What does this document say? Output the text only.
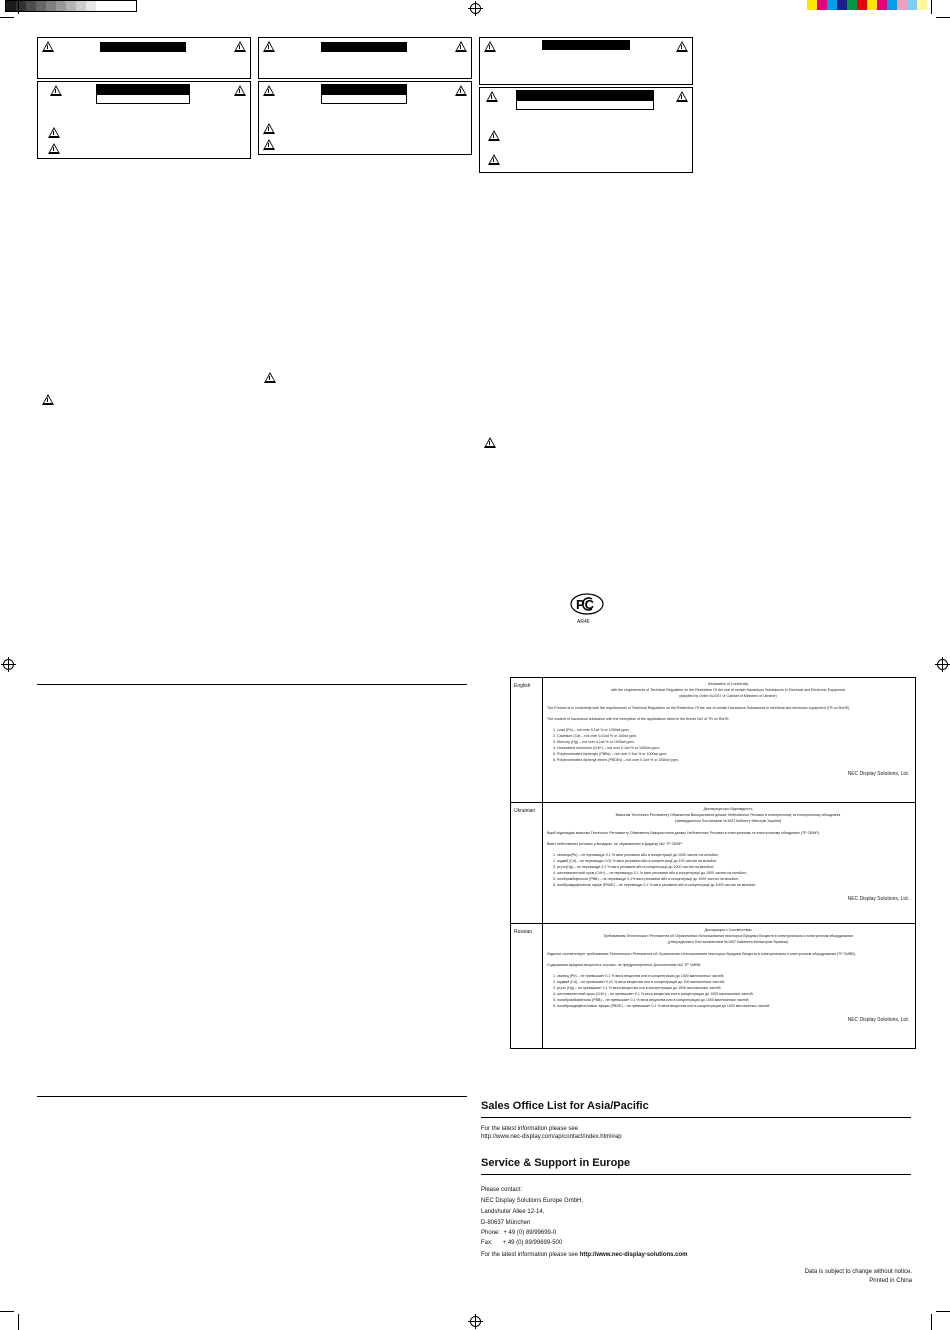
PC
AR46
English	Declaration of Conformity
with the requirements of Technical Regulation on the Restriction Of the use of certain Hazardous Substances in Electrical and Electronic Equipment
(adopted by Order №1057 of Cabinet of Ministers of Ukraine)

The Product is in conformity with the requirements of Technical Regulation on the Restriction Of the use of certain Hazardous Substances in electrical and electronic equipment (TR on RoHS).

The content of hazardous substance with the exemption of the applications listed in the Annex №2 of TR on RoHS:

1. Lead (Pb) – not over 0.1wt % or 1000wt ppm;
2. Cadmium (Cd) – not over 0.01wt % or 100wt ppm;
3. Mercury (Hg) – not over 0.1wt % or 1000wt ppm;
4. Hexavalent chromium (Cr6+) – not over 0.1wt % or 1000wt ppm;
5. Polybrominated biphenyls (PBBs) – not over 0.1wt % or 1000wt ppm;
6. Polybrominated diphenyl ethers (PBDEs) – not over 0.1wt % or 1000wt ppm.
NEC Display Solutions, Ltd.
Ukrainian	Декларація про Відповідність
Вимогам Технічного Регламенту Обмеження Використання деяких Небезпечних Речовин в електричному та електронному обладнанні
(затвердженого Постановою №1057 Кабінету Міністрів України)

Виріб відповідає вимогам Технічного Регламенту Обмеження Використання деяких Небезпечних Речовин в електричному та електронному обладнанні (ТР ОВНР).

Вміст небезпечних речовин у випадках, не обумовлених в Додатку №2 ТР ОВНР:

1. свинець(Pb) – не перевищує 0,1 % ваги речовини або в концентрації до 1000 частин на мільйон;
2. кадмій (Cd) – не перевищує 0,01 % ваги речовини або в концентрації до 100 частин на мільйон;
3. ртуть(Hg) – не перевищує 0,1 % ваги речовини або в концентрації до 1000 частин на мільйон;
4. шестивалентний хром (Cr6+) – не перевищує 0,1 % ваги речовини або в концентрації до 1000 частин на мільйон;
5. полібромбіфеноли (PBB) – не перевищує 0,1% ваги речовини або в концентрації до 1000 частин на мільйон;
6. полібромдифенілові ефіри (PBDE) – не перевищує 0,1 % ваги речовини або в концентрації до 1000 частин на мільйон.
NEC Display Solutions, Ltd.
Russian	Декларация о Соответствии
Требованиям Технического Регламента об Ограничении Использования некоторых Вредных Веществ в электрическом и электронном оборудовании
(утвержденного Постановлением №1057 Кабинета Министров Украины)

Изделие соответствует требованиям Технического Регламента об Ограничении Использования некоторых Вредных Веществ в электрическом и электронном оборудовании (ТР ОИВВ).

Содержание вредных веществ в случаях, не предусмотренных Дополнением №2 ТР ОИВВ:

1. свинец (Pb) – не превышает 0,1 % веса вещества или в концентрации до 1000 миллионных частей;
2. кадмий (Cd) – не превышает 0,01 % веса вещества или в концентрации до 100 миллионных частей;
3. ртуть (Hg) – не превышает 0,1 % веса вещества или в концентрации до 1000 миллионных частей;
4. шестивалентный хром (Cr6+) – не превышает 0,1 % веса вещества или в концентрации до 1000 миллионных частей;
5. полибромбифенолы (PBB) – не превышает 0,1 % веса вещества или в концентрации до 1000 миллионных частей;
6. полибромдифеноловые эфиры (PBDE) – не превышает 0,1 % веса вещества или в концентрации до 1000 миллионных частей.
NEC Display Solutions, Ltd.
Sales Office List for Asia/Pacific
For the latest information please see
http://www.nec-display.com/ap/contact/index.html#ap
Service & Support in Europe
Please contact:
NEC Display Solutions Europe GmbH,
Landshuter Allee 12-14,
D-80637 München
Phone:  + 49 (0) 89/99699-0
Fax:      + 49 (0) 89/99699-500
For the latest information please see http://www.nec-display-solutions.com
Data is subject to change without notice.
Printed in China
